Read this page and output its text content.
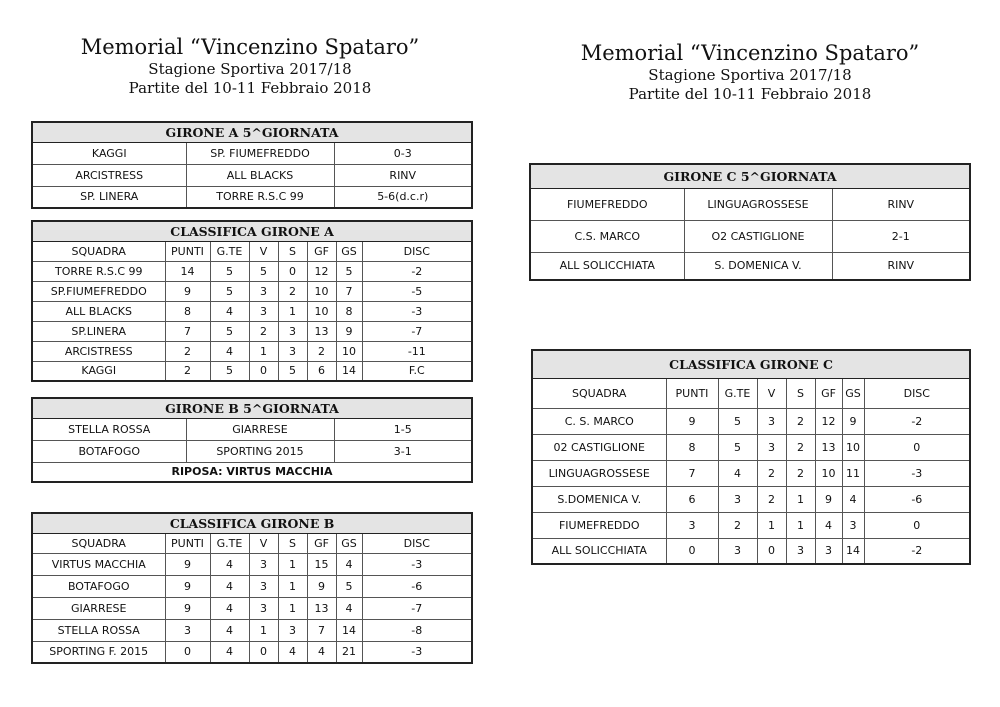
Memorial “Vincenzino Spataro”
Stagione Sportiva 2017/18
Partite del 10-11 Febbraio 2018
Memorial “Vincenzino Spataro”
Stagione Sportiva 2017/18
Partite del 10-11 Febbraio 2018
GIRONE A 5^GIORNATA		
KAGGI	SP. FIUMEFREDDO	0-3
ARCISTRESS	ALL BLACKS	RINV
SP. LINERA	TORRE R.S.C 99	5-6(d.c.r)
CLASSIFICA GIRONE A							
SQUADRA	PUNTI	G.TE	V	S	GF	GS	DISC
TORRE R.S.C 99	14	5	5	0	12	5	-2
SP.FIUMEFREDDO	9	5	3	2	10	7	-5
ALL BLACKS	8	4	3	1	10	8	-3
SP.LINERA	7	5	2	3	13	9	-7
ARCISTRESS	2	4	1	3	2	10	-11
KAGGI	2	5	0	5	6	14	F.C
GIRONE B 5^GIORNATA		
STELLA ROSSA	GIARRESE	1-5
BOTAFOGO	SPORTING 2015	3-1
RIPOSA: VIRTUS MACCHIA		
CLASSIFICA GIRONE B							
SQUADRA	PUNTI	G.TE	V	S	GF	GS	DISC
VIRTUS MACCHIA	9	4	3	1	15	4	-3
BOTAFOGO	9	4	3	1	9	5	-6
GIARRESE	9	4	3	1	13	4	-7
STELLA ROSSA	3	4	1	3	7	14	-8
SPORTING F. 2015	0	4	0	4	4	21	-3
GIRONE C 5^GIORNATA		
FIUMEFREDDO	LINGUAGROSSESE	RINV
C.S. MARCO	O2 CASTIGLIONE	2-1
ALL SOLICCHIATA	S. DOMENICA V.	RINV
CLASSIFICA GIRONE C							
SQUADRA	PUNTI	G.TE	V	S	GF	GS	DISC
C. S. MARCO	9	5	3	2	12	9	-2
02 CASTIGLIONE	8	5	3	2	13	10	0
LINGUAGROSSESE	7	4	2	2	10	11	-3
S.DOMENICA V.	6	3	2	1	9	4	-6
FIUMEFREDDO	3	2	1	1	4	3	0
ALL SOLICCHIATA	0	3	0	3	3	14	-2
